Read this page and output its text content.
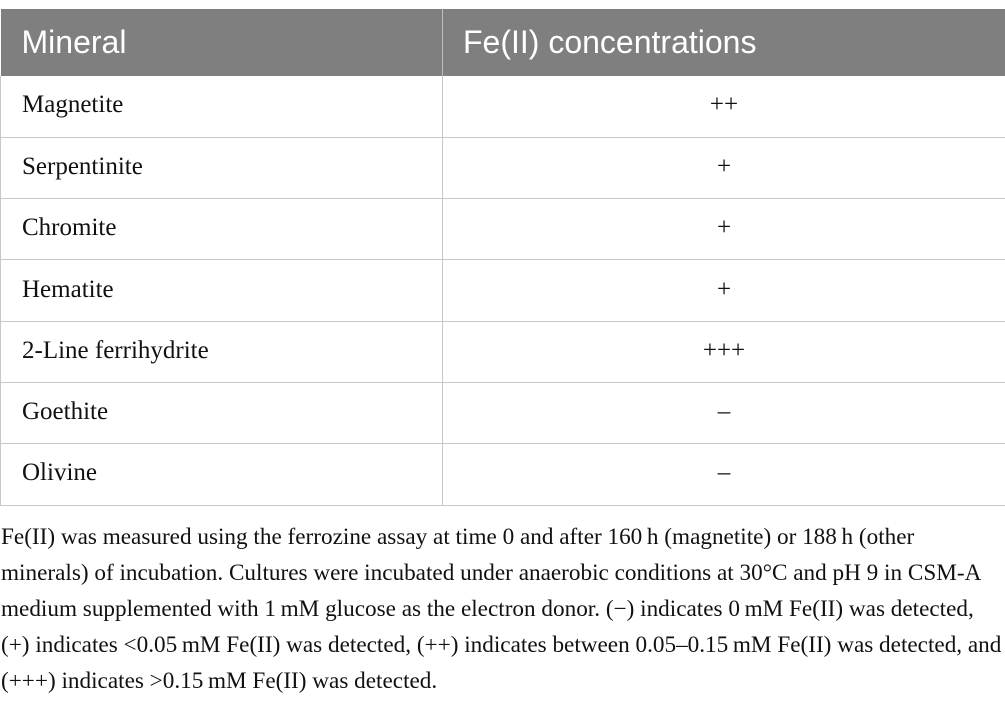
Mineral	Fe(II) concentrations
Magnetite	++
Serpentinite	+
Chromite	+
Hematite	+
2-Line ferrihydrite	+++
Goethite	–
Olivine	–

Fe(II) was measured using the ferrozine assay at time 0 and after 160 h (magnetite) or 188 h (other minerals) of incubation. Cultures were incubated under anaerobic conditions at 30°C and pH 9 in CSM-A medium supplemented with 1 mM glucose as the electron donor. (−) indicates 0 mM Fe(II) was detected, (+) indicates <0.05 mM Fe(II) was detected, (++) indicates between 0.05–0.15 mM Fe(II) was detected, and (+++) indicates >0.15 mM Fe(II) was detected.
